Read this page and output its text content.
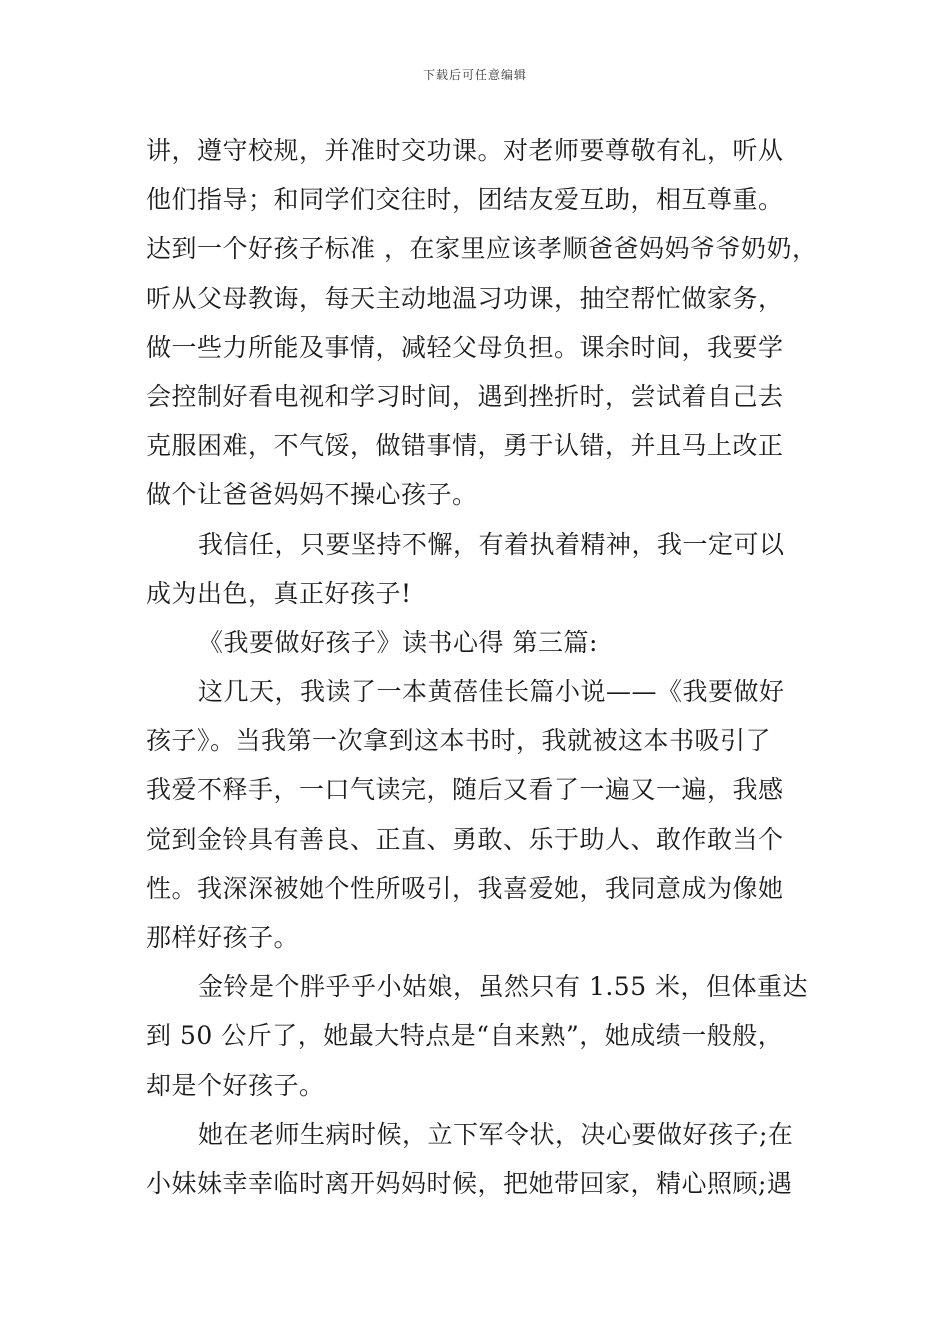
下载后可任意编辑
讲，遵守校规，并准时交功课。对老师要尊敬有礼，听从
他们指导；和同学们交往时，团结友爱互助，相互尊重。
达到一个好孩子标准 ，在家里应该孝顺爸爸妈妈爷爷奶奶，
听从父母教诲，每天主动地温习功课，抽空帮忙做家务，
做一些力所能及事情，减轻父母负担。课余时间，我要学
会控制好看电视和学习时间，遇到挫折时，尝试着自己去
克服困难，不气馁，做错事情，勇于认错，并且马上改正
做个让爸爸妈妈不操心孩子。
我信任，只要坚持不懈，有着执着精神，我一定可以
成为出色，真正好孩子!
《我要做好孩子》读书心得 第三篇:
这几天，我读了一本黄蓓佳长篇小说——《我要做好
孩子》。当我第一次拿到这本书时，我就被这本书吸引了
我爱不释手，一口气读完，随后又看了一遍又一遍，我感
觉到金铃具有善良、正直、勇敢、乐于助人、敢作敢当个
性。我深深被她个性所吸引，我喜爱她，我同意成为像她
那样好孩子。
金铃是个胖乎乎小姑娘，虽然只有 1.55 米，但体重达
到 50 公斤了，她最大特点是“自来熟”，她成绩一般般，
却是个好孩子。
她在老师生病时候，立下军令状，决心要做好孩子;在
小妹妹幸幸临时离开妈妈时候，把她带回家，精心照顾;遇
